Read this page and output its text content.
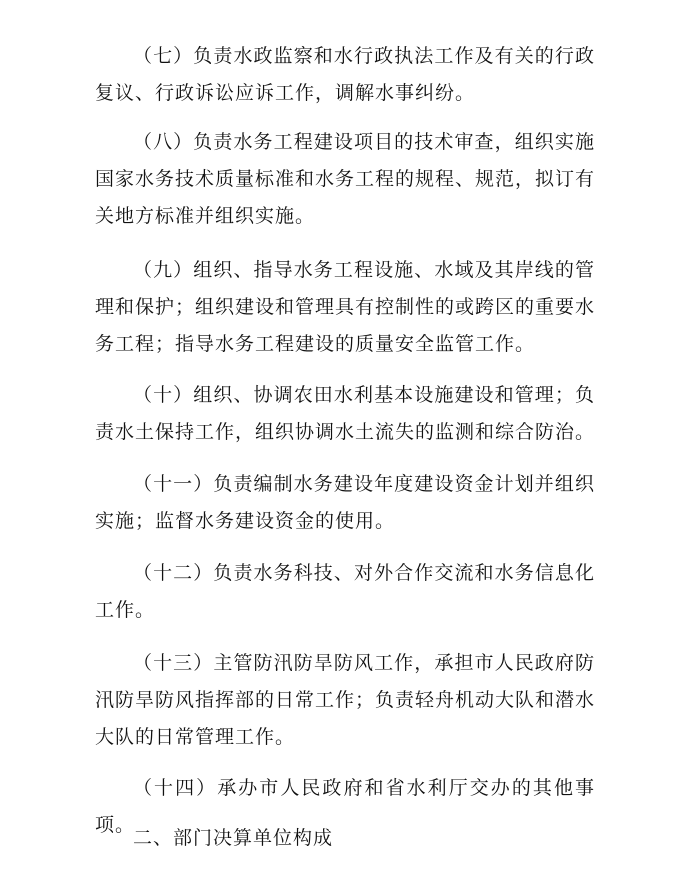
（七）负责水政监察和水行政执法工作及有关的行政复议、行政诉讼应诉工作，调解水事纠纷。

（八）负责水务工程建设项目的技术审查，组织实施国家水务技术质量标准和水务工程的规程、规范，拟订有关地方标准并组织实施。

（九）组织、指导水务工程设施、水域及其岸线的管理和保护；组织建设和管理具有控制性的或跨区的重要水务工程；指导水务工程建设的质量安全监管工作。

（十）组织、协调农田水利基本设施建设和管理；负责水土保持工作，组织协调水土流失的监测和综合防治。

（十一）负责编制水务建设年度建设资金计划并组织实施；监督水务建设资金的使用。

（十二）负责水务科技、对外合作交流和水务信息化工作。

（十三）主管防汛防旱防风工作，承担市人民政府防汛防旱防风指挥部的日常工作；负责轻舟机动大队和潜水大队的日常管理工作。

（十四）承办市人民政府和省水利厅交办的其他事项。

二、部门决算单位构成
